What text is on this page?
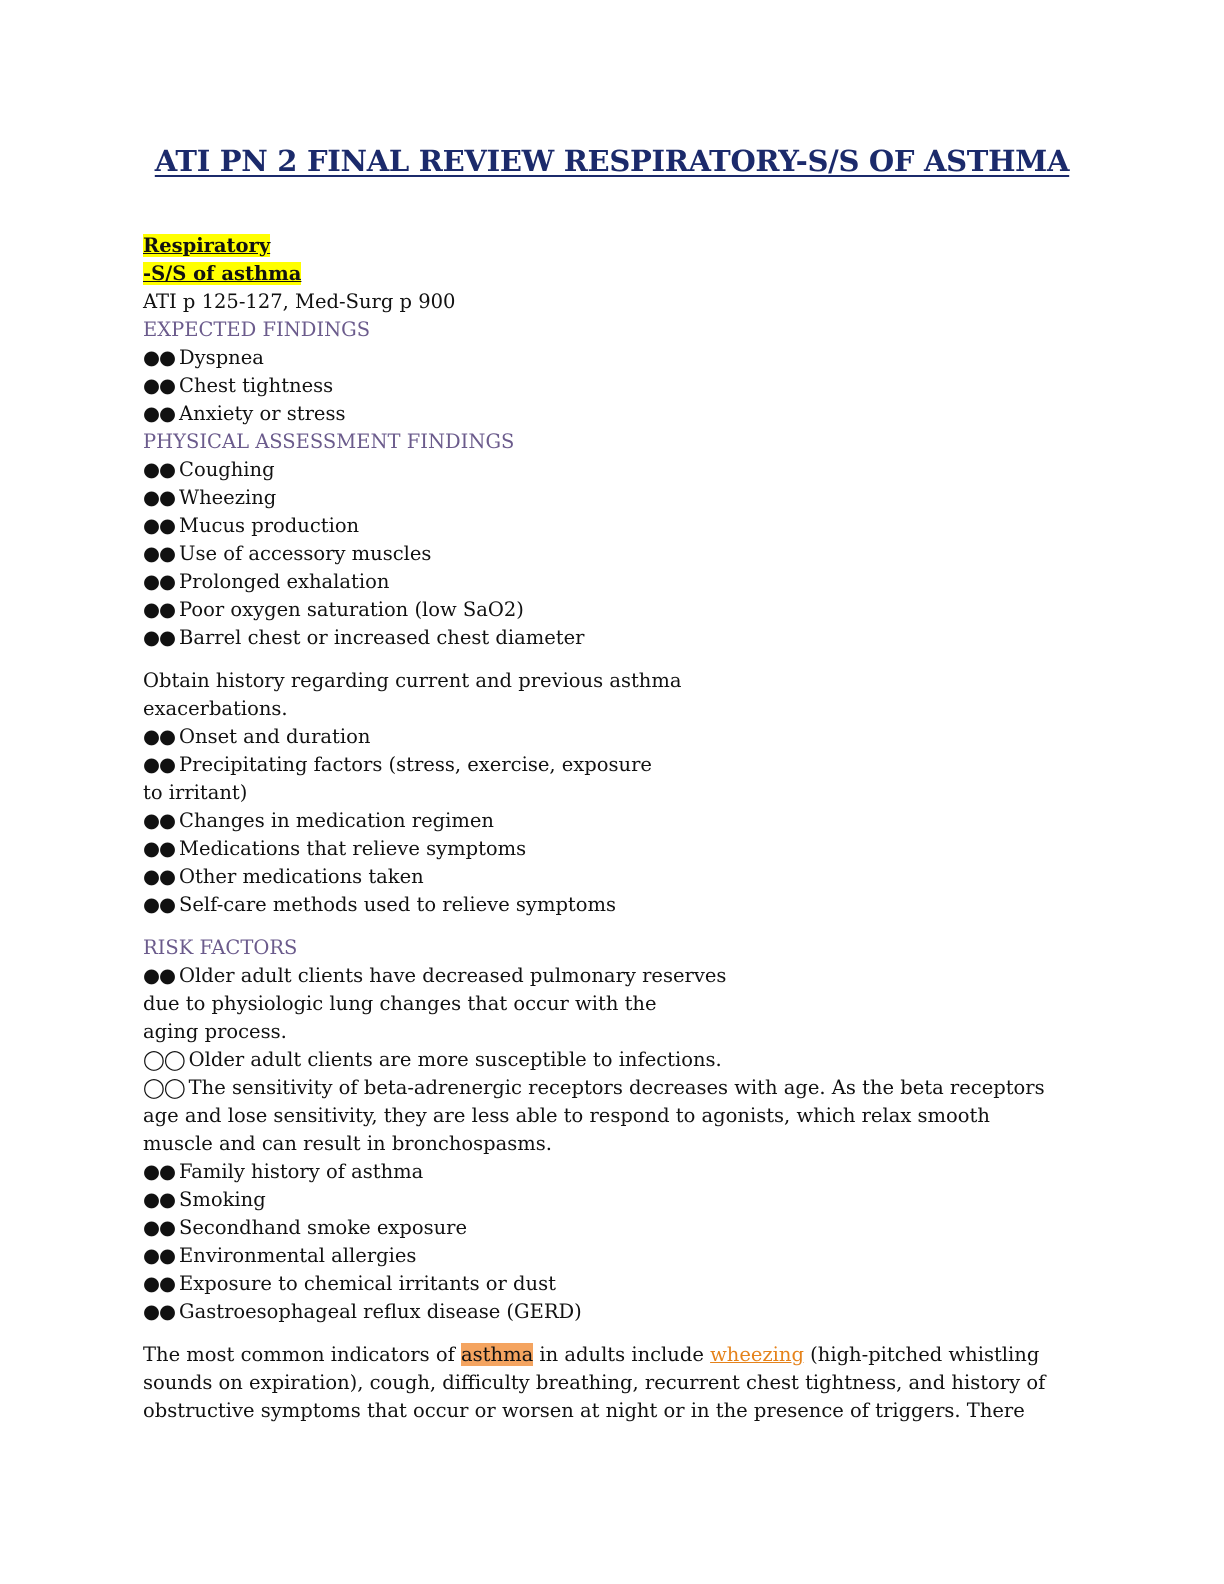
ATI PN 2 FINAL REVIEW RESPIRATORY-S/S OF ASTHMA
Respiratory
-S/S of asthma
ATI p 125-127, Med-Surg p 900
EXPECTED FINDINGS
●● Dyspnea
●● Chest tightness
●● Anxiety or stress
PHYSICAL ASSESSMENT FINDINGS
●● Coughing
●● Wheezing
●● Mucus production
●● Use of accessory muscles
●● Prolonged exhalation
●● Poor oxygen saturation (low SaO2)
●● Barrel chest or increased chest diameter
Obtain history regarding current and previous asthma
exacerbations.
●● Onset and duration
●● Precipitating factors (stress, exercise, exposure
to irritant)
●● Changes in medication regimen
●● Medications that relieve symptoms
●● Other medications taken
●● Self-care methods used to relieve symptoms
RISK FACTORS
●● Older adult clients have decreased pulmonary reserves
due to physiologic lung changes that occur with the
aging process.
◯◯ Older adult clients are more susceptible to infections.
◯◯ The sensitivity of beta-adrenergic receptors decreases with age. As the beta receptors
age and lose sensitivity, they are less able to respond to agonists, which relax smooth
muscle and can result in bronchospasms.
●● Family history of asthma
●● Smoking
●● Secondhand smoke exposure
●● Environmental allergies
●● Exposure to chemical irritants or dust
●● Gastroesophageal reflux disease (GERD)
The most common indicators of asthma in adults include wheezing (high-pitched whistling
sounds on expiration), cough, difficulty breathing, recurrent chest tightness, and history of
obstructive symptoms that occur or worsen at night or in the presence of triggers. There
